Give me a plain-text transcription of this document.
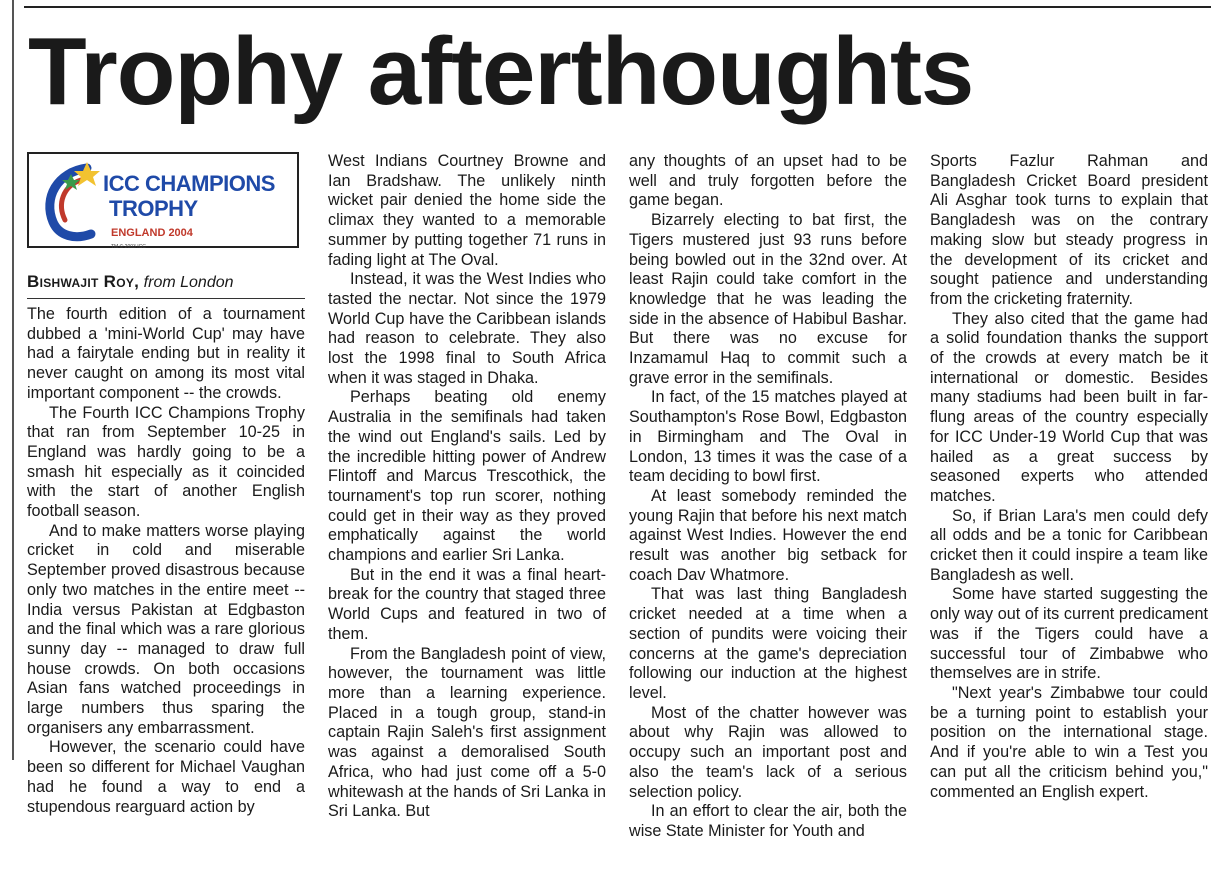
Trophy afterthoughts
ICC CHAMPIONS
TROPHY
ENGLAND 2004
TM © 2003 ICC
Bishwajit Roy, from London

The fourth edition of a tournament dubbed a 'mini-World Cup' may have had a fairytale ending but in reality it never caught on among its most vital important component -- the crowds.

The Fourth ICC Champions Trophy that ran from September 10-25 in England was hardly going to be a smash hit especially as it coincided with the start of another English football season.

And to make matters worse playing cricket in cold and miserable September proved disastrous because only two matches in the entire meet -- India versus Pakistan at Edgbaston and the final which was a rare glorious sunny day -- managed to draw full house crowds. On both occasions Asian fans watched proceedings in large numbers thus sparing the organisers any embarrassment.

However, the scenario could have been so different for Michael Vaughan had he found a way to end a stupendous rearguard action by

West Indians Courtney Browne and Ian Bradshaw. The unlikely ninth wicket pair denied the home side the climax they wanted to a memorable summer by putting together 71 runs in fading light at The Oval.

Instead, it was the West Indies who tasted the nectar. Not since the 1979 World Cup have the Caribbean islands had reason to celebrate. They also lost the 1998 final to South Africa when it was staged in Dhaka.

Perhaps beating old enemy Australia in the semifinals had taken the wind out England's sails. Led by the incredible hitting power of Andrew Flintoff and Marcus Trescothick, the tournament's top run scorer, nothing could get in their way as they proved emphatically against the world champions and earlier Sri Lanka.

But in the end it was a final heart-break for the country that staged three World Cups and featured in two of them.

From the Bangladesh point of view, however, the tournament was little more than a learning experience. Placed in a tough group, stand-in captain Rajin Saleh's first assignment was against a demoralised South Africa, who had just come off a 5-0 whitewash at the hands of Sri Lanka in Sri Lanka. But

any thoughts of an upset had to be well and truly forgotten before the game began.

Bizarrely electing to bat first, the Tigers mustered just 93 runs before being bowled out in the 32nd over. At least Rajin could take comfort in the knowledge that he was leading the side in the absence of Habibul Bashar. But there was no excuse for Inzamamul Haq to commit such a grave error in the semifinals.

In fact, of the 15 matches played at Southampton's Rose Bowl, Edgbaston in Birmingham and The Oval in London, 13 times it was the case of a team deciding to bowl first.

At least somebody reminded the young Rajin that before his next match against West Indies. However the end result was another big setback for coach Dav Whatmore.

That was last thing Bangladesh cricket needed at a time when a section of pundits were voicing their concerns at the game's depreciation following our induction at the highest level.

Most of the chatter however was about why Rajin was allowed to occupy such an important post and also the team's lack of a serious selection policy.

In an effort to clear the air, both the wise State Minister for Youth and

Sports Fazlur Rahman and Bangladesh Cricket Board president Ali Asghar took turns to explain that Bangladesh was on the contrary making slow but steady progress in the development of its cricket and sought patience and understanding from the cricketing fraternity.

They also cited that the game had a solid foundation thanks the support of the crowds at every match be it international or domestic. Besides many stadiums had been built in far-flung areas of the country especially for ICC Under-19 World Cup that was hailed as a great success by seasoned experts who attended matches.

So, if Brian Lara's men could defy all odds and be a tonic for Caribbean cricket then it could inspire a team like Bangladesh as well.

Some have started suggesting the only way out of its current predicament was if the Tigers could have a successful tour of Zimbabwe who themselves are in strife.

"Next year's Zimbabwe tour could be a turning point to establish your position on the international stage. And if you're able to win a Test you can put all the criticism behind you," commented an English expert.
